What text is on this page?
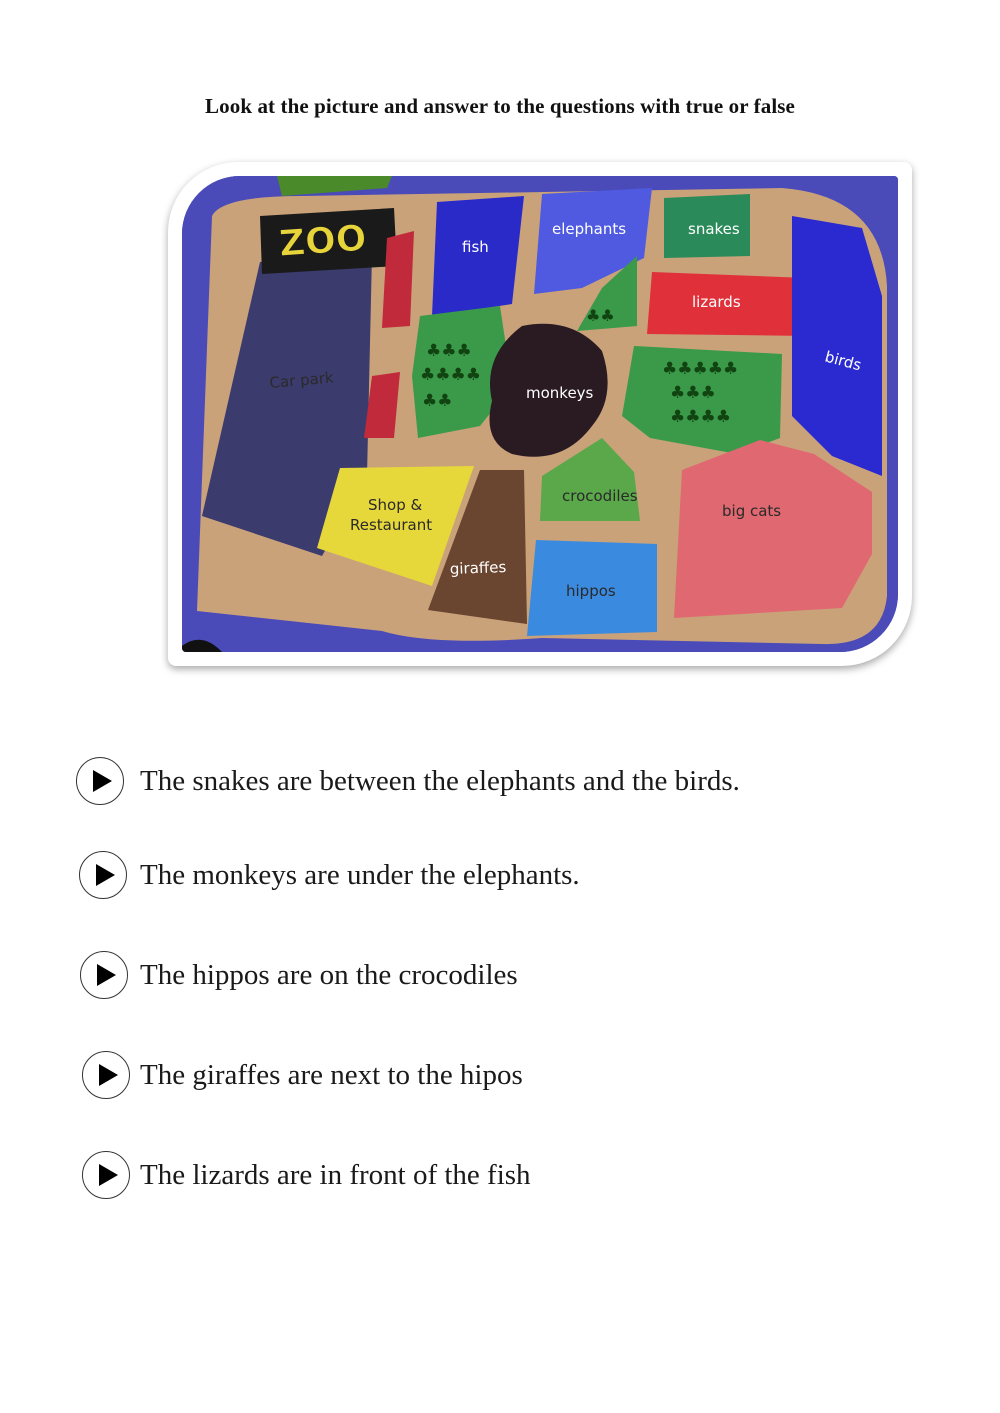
Look at the picture and answer to the questions with true or false
Car park
ZOO	fish
elephants
♣♣
snakes
lizards
birds
♣♣♣
♣♣♣♣
♣♣	monkeys
♣♣♣♣♣
♣♣♣
♣♣♣♣
crocodiles
big cats
Shop &
Restaurant
giraffes
hippos
The snakes are between the elephants and the birds.
The monkeys are under the elephants.
The hippos are on the crocodiles
The giraffes are next to the hipos
The lizards are in front of the fish
